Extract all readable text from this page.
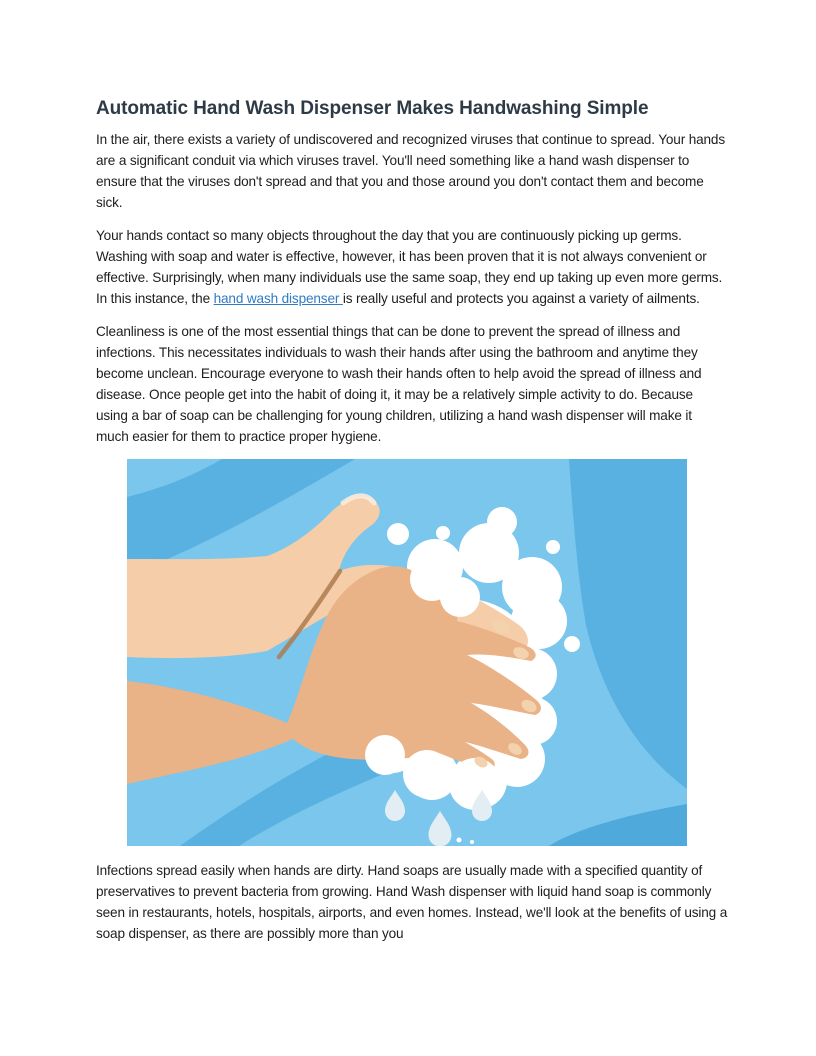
Automatic Hand Wash Dispenser Makes Handwashing Simple

In the air, there exists a variety of undiscovered and recognized viruses that continue to spread. Your hands are a significant conduit via which viruses travel. You'll need something like a hand wash dispenser to ensure that the viruses don't spread and that you and those around you don't contact them and become sick.

Your hands contact so many objects throughout the day that you are continuously picking up germs. Washing with soap and water is effective, however, it has been proven that it is not always convenient or effective. Surprisingly, when many individuals use the same soap, they end up taking up even more germs. In this instance, the hand wash dispenser is really useful and protects you against a variety of ailments.

Cleanliness is one of the most essential things that can be done to prevent the spread of illness and infections. This necessitates individuals to wash their hands after using the bathroom and anytime they become unclean. Encourage everyone to wash their hands often to help avoid the spread of illness and disease. Once people get into the habit of doing it, it may be a relatively simple activity to do. Because using a bar of soap can be challenging for young children, utilizing a hand wash dispenser will make it much easier for them to practice proper hygiene.

Infections spread easily when hands are dirty. Hand soaps are usually made with a specified quantity of preservatives to prevent bacteria from growing. Hand Wash dispenser with liquid hand soap is commonly seen in restaurants, hotels, hospitals, airports, and even homes. Instead, we'll look at the benefits of using a soap dispenser, as there are possibly more than you
